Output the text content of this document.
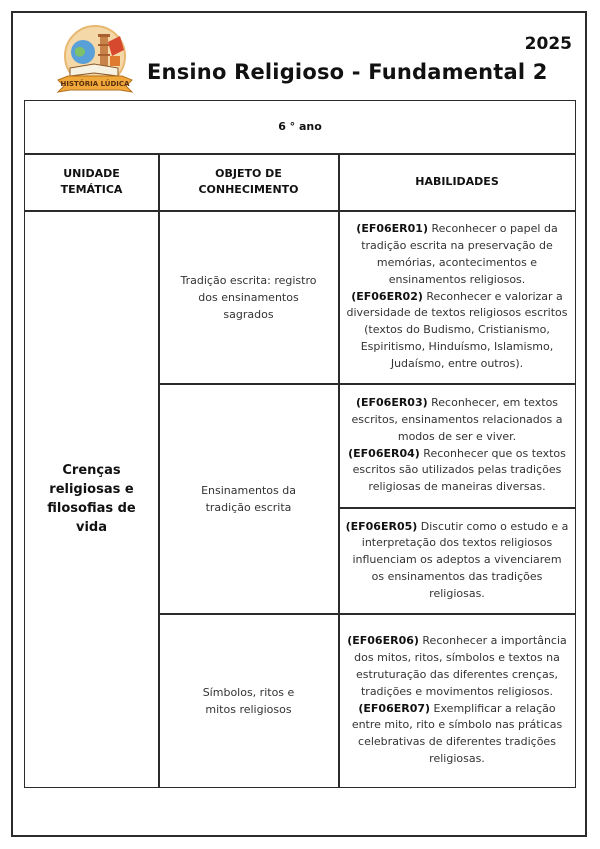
HISTÓRIA LÚDICA
2025
Ensino Religioso - Fundamental 2
6 ° ano
UNIDADE TEMÁTICA
OBJETO DE CONHECIMENTO
HABILIDADES
Crenças religiosas e filosofias de vida
Tradição escrita: registro dos ensinamentos sagrados
Ensinamentos da tradição escrita
Símbolos, ritos e mitos religiosos

(EF06ER01) Reconhecer o papel da tradição escrita na preservação de memórias, acontecimentos e ensinamentos religiosos.

(EF06ER02) Reconhecer e valorizar a diversidade de textos religiosos escritos (textos do Budismo, Cristianismo, Espiritismo, Hinduísmo, Islamismo, Judaísmo, entre outros).

(EF06ER03) Reconhecer, em textos escritos, ensinamentos relacionados a modos de ser e viver.

(EF06ER04) Reconhecer que os textos escritos são utilizados pelas tradições religiosas de maneiras diversas.

(EF06ER05) Discutir como o estudo e a interpretação dos textos religiosos influenciam os adeptos a vivenciarem os ensinamentos das tradições religiosas.

(EF06ER06) Reconhecer a importância dos mitos, ritos, símbolos e textos na estruturação das diferentes crenças, tradições e movimentos religiosos.

(EF06ER07) Exemplificar a relação entre mito, rito e símbolo nas práticas celebrativas de diferentes tradições religiosas.
